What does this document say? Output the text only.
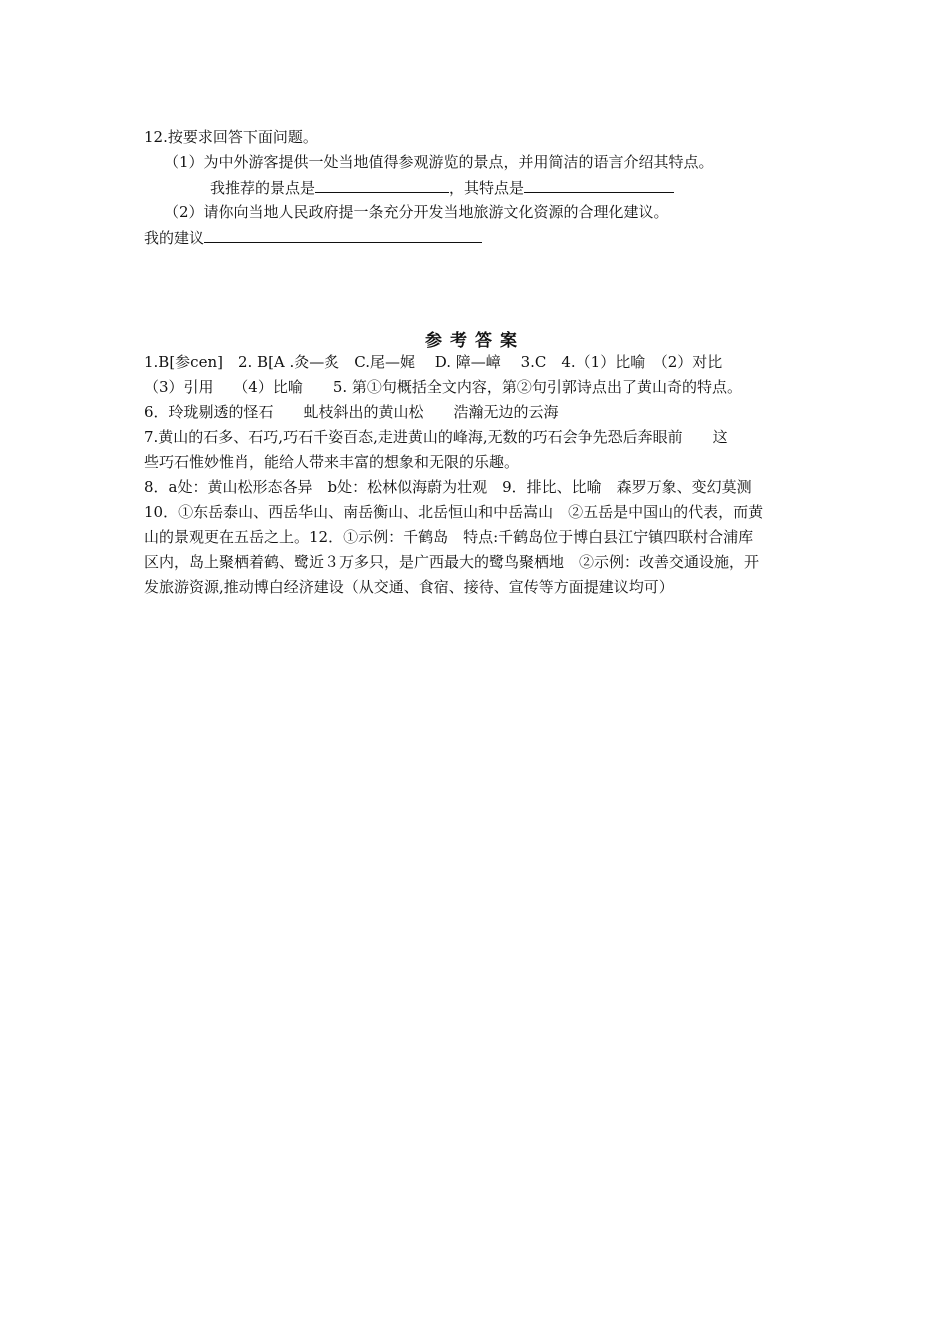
12.按要求回答下面问题。
（1）为中外游客提供一处当地值得参观游览的景点，并用简洁的语言介绍其特点。
我推荐的景点是	，其特点是
（2）请你向当地人民政府提一条充分开发当地旅游文化资源的合理化建议。
我的建议
参考答案
1.B[参cen]　2. B[A .灸—炙　C.尾—娓　 D. 障—嶂　 3.C　4.（1）比喻　（2）对比
（3）引用　 （4）比喻　　5. 第①句概括全文内容，第②句引郭诗点出了黄山奇的特点。
6．玲珑剔透的怪石　　虬枝斜出的黄山松　　浩瀚无边的云海
7.黄山的石多、石巧,巧石千姿百态,走进黄山的峰海,无数的巧石会争先恐后奔眼前　　这
些巧石惟妙惟肖，能给人带来丰富的想象和无限的乐趣。
8．a处：黄山松形态各异　b处：松林似海蔚为壮观　9．排比、比喻　森罗万象、变幻莫测
10．①东岳泰山、西岳华山、南岳衡山、北岳恒山和中岳嵩山　②五岳是中国山的代表，而黄
山的景观更在五岳之上。12．①示例：千鹤岛　特点:千鹤岛位于博白县江宁镇四联村合浦库
区内，岛上聚栖着鹤、鹭近３万多只，是广西最大的鹭鸟聚栖地　②示例：改善交通设施，开
发旅游资源,推动博白经济建设（从交通、食宿、接待、宣传等方面提建议均可）
